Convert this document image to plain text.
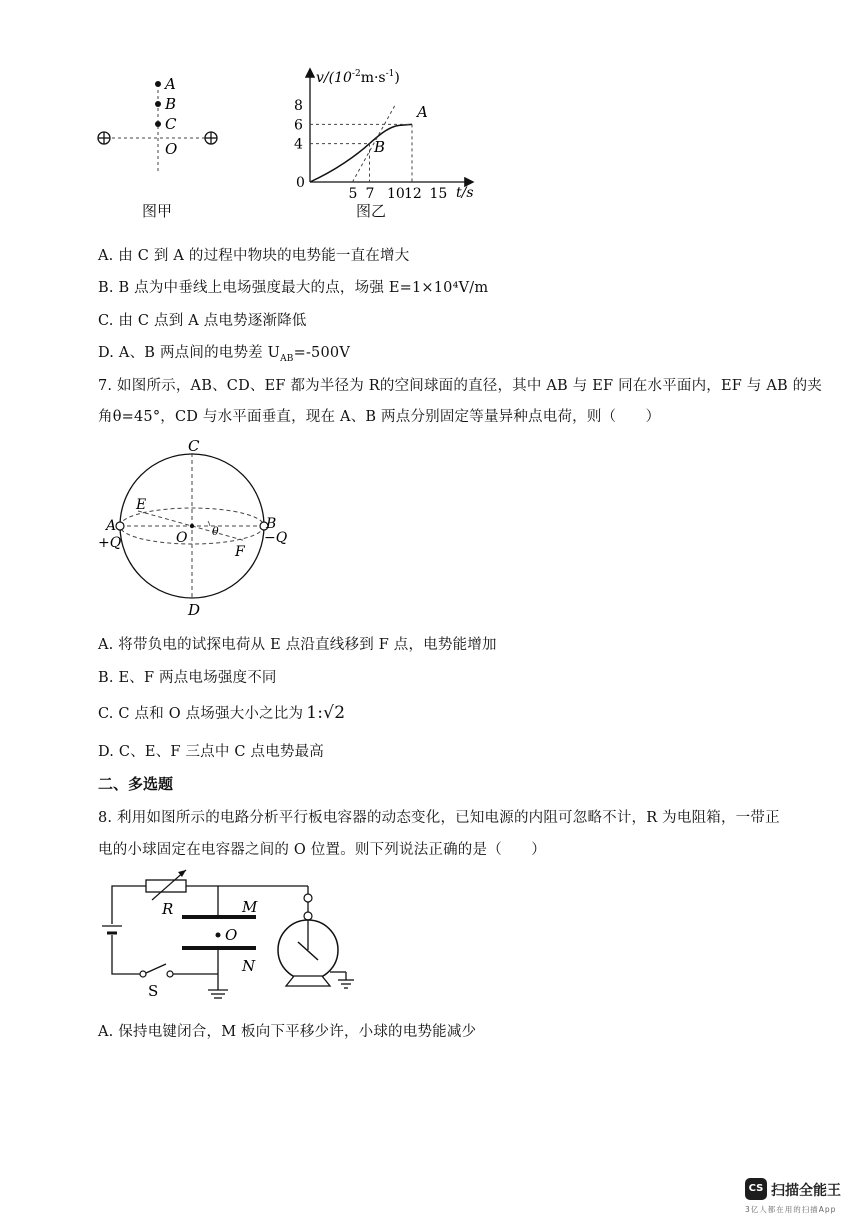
A
B
C
O
图甲
8
6
4
5 7 10 12 15
$v/(10^{-2}m\cdot s^{-1})$
t/s
0
A
B
图乙
A. 由 C 到 A 的过程中物块的电势能一直在增大
B. B 点为中垂线上电场强度最大的点，场强 E=1×10⁴V/m
C. 由 C 点到 A 点电势逐渐降低
D. A、B 两点间的电势差 $U_{AB}=-500V$
7. 如图所示，AB、CD、EF 都为半径为 R的空间球面的直径，其中 AB 与 EF 同在水平面内，EF 与 AB 的夹
角θ=45°，CD 与水平面垂直，现在 A、B 两点分别固定等量异种点电荷，则（　　）
C
D
E
F
O θ
A	B
+Q	−Q
A. 将带负电的试探电荷从 E 点沿直线移到 F 点，电势能增加
B. E、F 两点电场强度不同
C. C 点和 O 点场强大小之比为 1:√2
D. C、E、F 三点中 C 点电势最高
二、多选题
8. 利用如图所示的电路分析平行板电容器的动态变化，已知电源的内阻可忽略不计，R 为电阻箱，一带正
电的小球固定在电容器之间的 O 位置。则下列说法正确的是（　　）
R	M
N
O
S
A. 保持电键闭合，M 板向下平移少许，小球的电势能减少
CS 扫描全能王
3亿人都在用的扫描App
